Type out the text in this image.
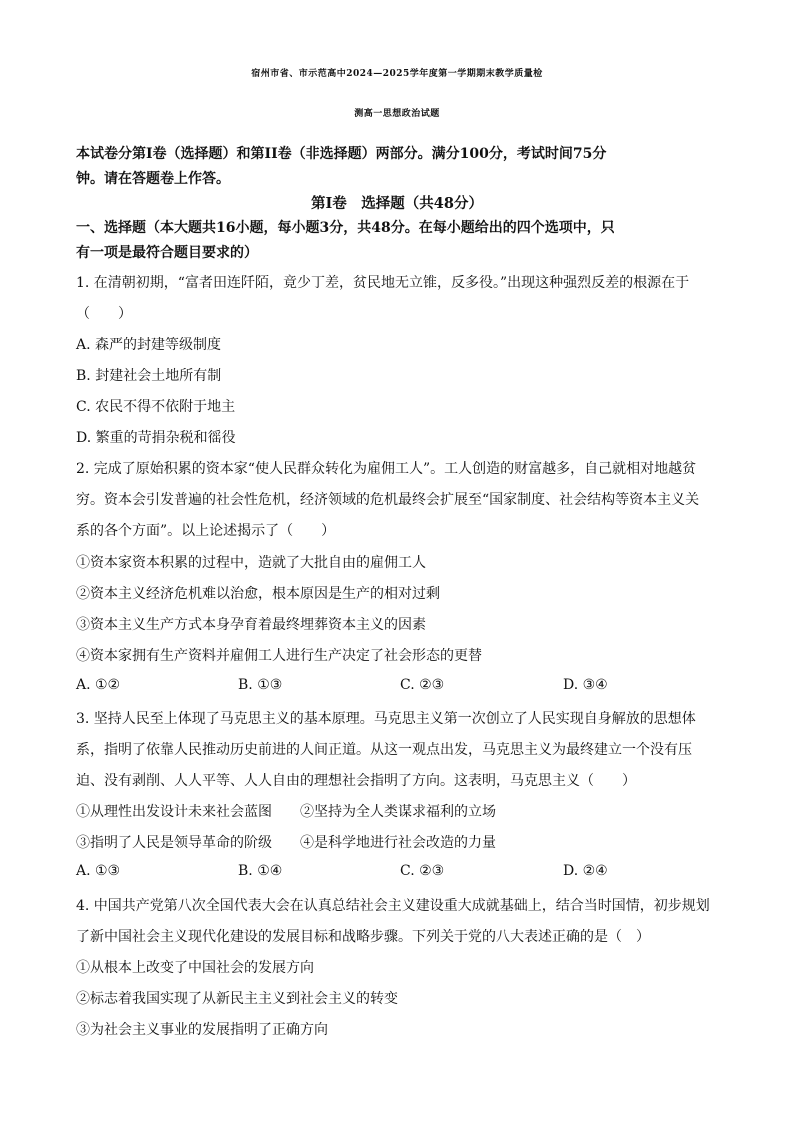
宿州市省、市示范高中2024—2025学年度第一学期期末教学质量检
测高一思想政治试题
本试卷分第Ⅰ卷（选择题）和第II卷（非选择题）两部分。满分100分，考试时间75分
钟。请在答题卷上作答。
第Ⅰ卷　选择题（共48分）
一、选择题（本大题共16小题，每小题3分，共48分。在每小题给出的四个选项中，只
有一项是最符合题目要求的）
1. 在清朝初期，“富者田连阡陌，竟少丁差，贫民地无立锥，反多役。”出现这种强烈反差的根源在于
（　　）
A. 森严的封建等级制度
B. 封建社会土地所有制
C. 农民不得不依附于地主
D. 繁重的苛捐杂税和徭役
2. 完成了原始积累的资本家“使人民群众转化为雇佣工人”。工人创造的财富越多，自己就相对地越贫
穷。资本会引发普遍的社会性危机，经济领域的危机最终会扩展至“国家制度、社会结构等资本主义关
系的各个方面”。以上论述揭示了（　　）
①资本家资本积累的过程中，造就了大批自由的雇佣工人
②资本主义经济危机难以治愈，根本原因是生产的相对过剩
③资本主义生产方式本身孕育着最终埋葬资本主义的因素
④资本家拥有生产资料并雇佣工人进行生产决定了社会形态的更替
A. ①②	B. ①③	C. ②③	D. ③④
3. 坚持人民至上体现了马克思主义的基本原理。马克思主义第一次创立了人民实现自身解放的思想体
系，指明了依靠人民推动历史前进的人间正道。从这一观点出发，马克思主义为最终建立一个没有压
迫、没有剥削、人人平等、人人自由的理想社会指明了方向。这表明，马克思主义（　　）
①从理性出发设计未来社会蓝图 ②坚持为全人类谋求福利的立场
③指明了人民是领导革命的阶级 ④是科学地进行社会改造的力量
A. ①③	B. ①④	C. ②③	D. ②④
4. 中国共产党第八次全国代表大会在认真总结社会主义建设重大成就基础上，结合当时国情，初步规划
了新中国社会主义现代化建设的发展目标和战略步骤。下列关于党的八大表述正确的是（　）
①从根本上改变了中国社会的发展方向
②标志着我国实现了从新民主主义到社会主义的转变
③为社会主义事业的发展指明了正确方向
